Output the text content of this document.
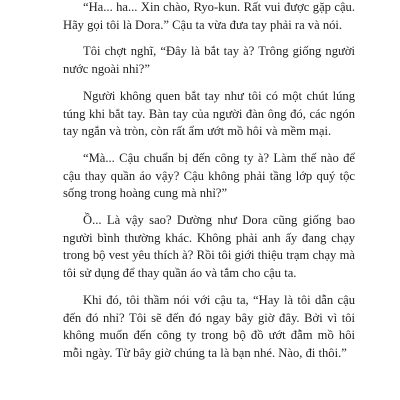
“Ha... ha... Xin chào, Ryo-kun. Rất vui được gặp cậu. Hãy gọi tôi là Dora.” Cậu ta vừa đưa tay phải ra và nói.

Tôi chợt nghĩ, “Đây là bắt tay à? Trông giống người nước ngoài nhỉ?”

Người không quen bắt tay như tôi có một chút lúng túng khi bắt tay. Bàn tay của người đàn ông đó, các ngón tay ngắn và tròn, còn rất ẩm ướt mồ hôi và mềm mại.

“Mà... Cậu chuẩn bị đến công ty à? Làm thế nào để cậu thay quần áo vậy? Cậu không phải tầng lớp quý tộc sống trong hoàng cung mà nhỉ?”

Ồ... Là vậy sao? Dường như Dora cũng giống bao người bình thường khác. Không phải anh ấy đang chạy trong bộ vest yêu thích à? Rồi tôi giới thiệu trạm chạy mà tôi sử dụng để thay quần áo và tắm cho cậu ta.

Khi đó, tôi thầm nói với cậu ta, “Hay là tôi dẫn cậu đến đó nhỉ? Tôi sẽ đến đó ngay bây giờ đây. Bởi vì tôi không muốn đến công ty trong bộ đồ ướt đẫm mồ hôi mỗi ngày. Từ bây giờ chúng ta là bạn nhé. Nào, đi thôi.”
